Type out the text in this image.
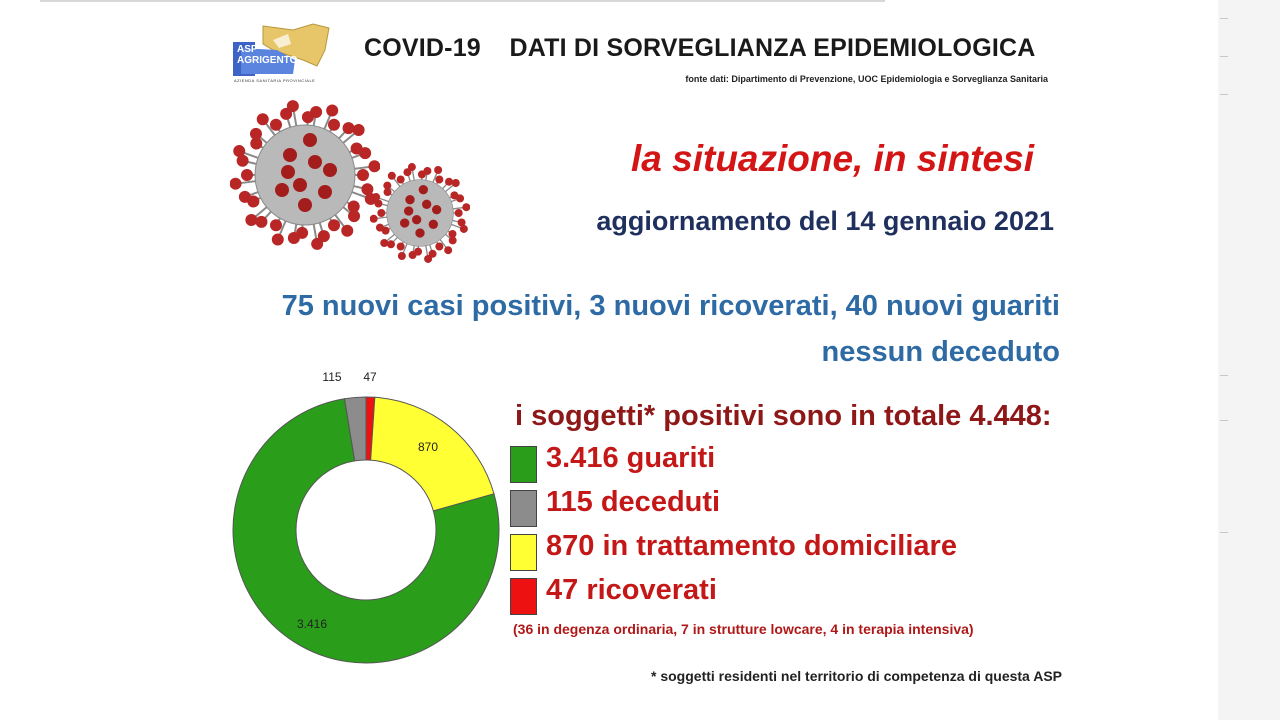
ASP
AGRIGENTO
AZIENDA SANITARIA PROVINCIALE
COVID-19    DATI DI SORVEGLIANZA EPIDEMIOLOGICA
fonte dati: Dipartimento di Prevenzione, UOC Epidemiologia e Sorveglianza Sanitaria
la situazione, in sintesi
aggiornamento del 14 gennaio 2021
75 nuovi casi positivi, 3 nuovi ricoverati, 40 nuovi guariti
nessun deceduto
i soggetti* positivi sono in totale 4.448:
3.416 guariti
115 deceduti
870 in trattamento domiciliare
47 ricoverati
(36 in degenza ordinaria, 7 in strutture lowcare, 4 in terapia intensiva)
* soggetti residenti nel territorio di competenza di questa ASP
47
870
3.416
115
